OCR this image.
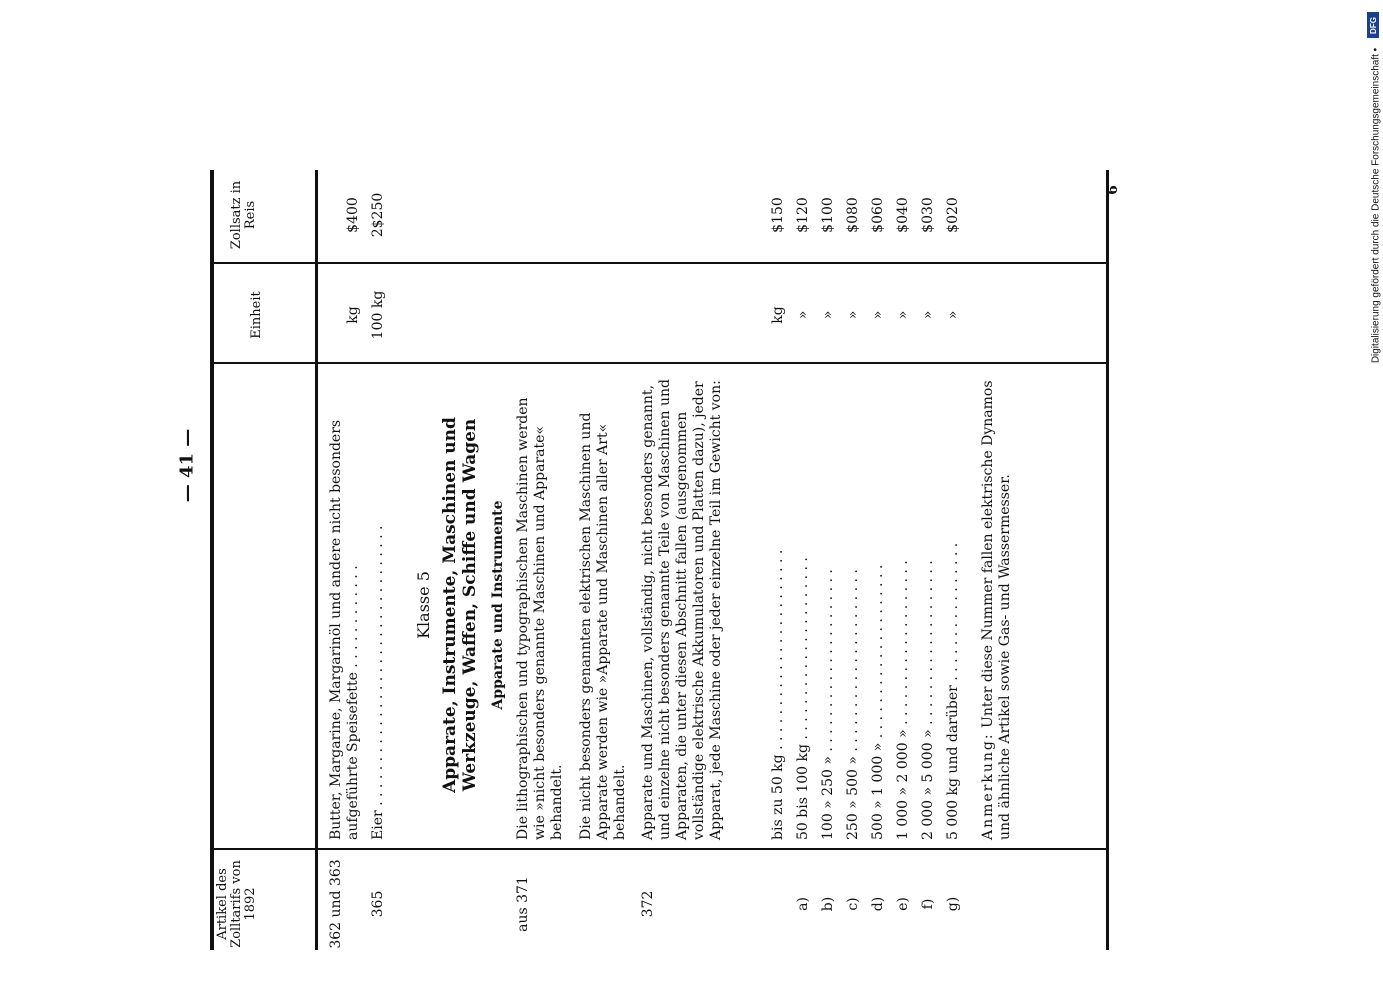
— 41 —
Artikel des Zolltarifs von 1892
Einheit
Zollsatz in Reis
362 und 363
Butter, Margarine, Margarinöl und andere nicht besonders aufgeführte Speisefette . . . . . . . . . . . .
kg
$400
365
Eier . . . . . . . . . . . . . . . . . . . . . . . . . . . . . . . .
100 kg
2$250
Klasse 5 Apparate, Instrumente, Maschinen und Werkzeuge, Waffen, Schiffe und Wagen Apparate und Instrumente
aus 371
Die lithographischen und typographischen Maschinen werden wie »nicht besonders genannte Maschinen und Apparate« behandelt. Die nicht besonders genannten elektrischen Maschinen und Apparate werden wie »Apparate und Maschinen aller Art« behandelt.
372
Apparate und Maschinen, vollständig, nicht besonders genannt, und einzelne nicht besonders genannte Teile von Maschinen und Apparaten, die unter diesen Abschnitt fallen (ausgenommen vollständige elektrische Akkumulatoren und Platten dazu), jeder Apparat, jede Maschine oder jeder einzelne Teil im Gewicht von:	bis zu 50 kg . . . . . . . . . . . . . . . . . . . . . . .
kg
$150
a)
50 bis 100 kg . . . . . . . . . . . . . . . . . . . . .
»
$120
b)
100 » 250 » . . . . . . . . . . . . . . . . . . . . .
»
$100
c)
250 » 500 » . . . . . . . . . . . . . . . . . . . . .
»
$080
d)
500 » 1 000 » . . . . . . . . . . . . . . . . . . . .
»
$060
e)
1 000 » 2 000 » . . . . . . . . . . . . . . . . . . .
»
$040
f)
2 000 » 5 000 » . . . . . . . . . . . . . . . . . . .
»
$030
g)
5 000 kg und darüber . . . . . . . . . . . . . . . .
»
$020
Anmerkung: Unter diese Nummer fallen elektrische Dynamos und ähnliche Artikel sowie Gas- und Wassermesser.
6
DFG
Digitalisierung gefördert durch die Deutsche Forschungsgemeinschaft •
